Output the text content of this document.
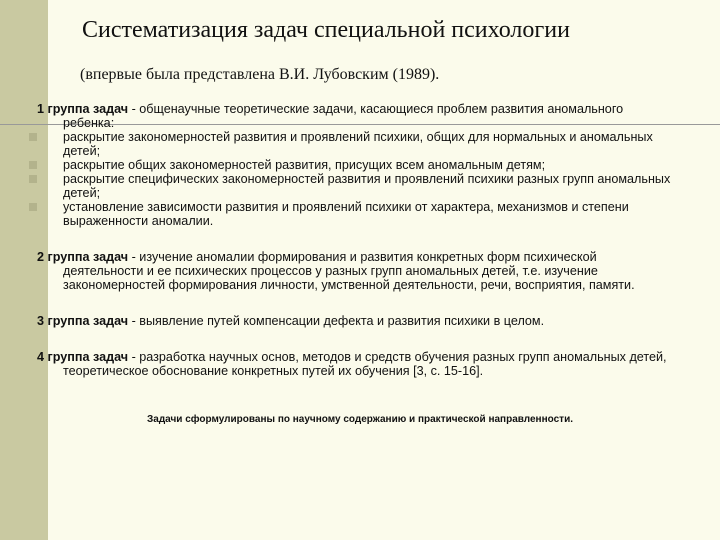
Систематизация задач специальной психологии
(впервые была представлена В.И. Лубовским (1989).

1 группа задач - общенаучные теоретические задачи, касающиеся проблем развития аномального ребенка:

раскрытие закономерностей развития и проявлений психики, общих для нормальных и аномальных детей;
раскрытие общих закономерностей развития, присущих всем аномальным детям;
раскрытие специфических закономерностей развития и проявлений психики разных групп аномальных детей;
установление зависимости развития и проявлений психики от характера, механизмов и степени выраженности аномалии.

2 группа задач - изучение аномалии формирования и развития конкретных форм психической деятельности и ее психических процессов у разных групп аномальных детей, т.е. изучение закономерностей формирования личности, умственной деятельности, речи, восприятия, памяти.

3 группа задач - выявление путей компенсации дефекта и развития психики в целом.

4 группа задач - разработка научных основ, методов и средств обучения разных групп аномальных детей, теоретическое обоснование конкретных путей их обучения [3, с. 15-16].

Задачи сформулированы по научному содержанию и практической направленности.
